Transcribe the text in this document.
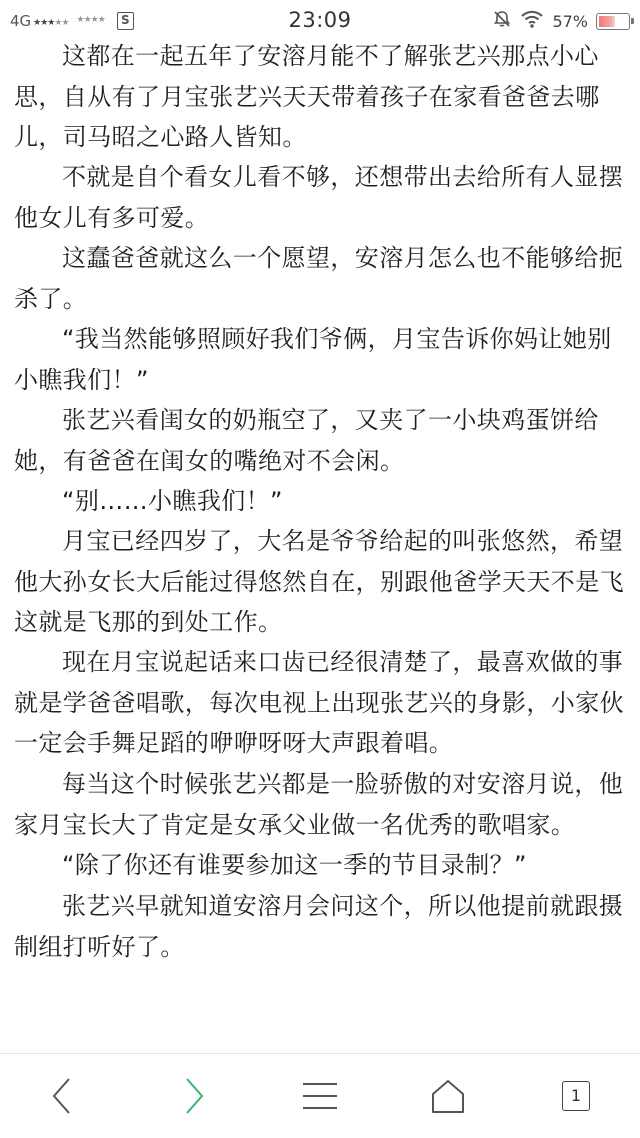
4G ★★★★★ ★★★★	S	23:09	57%

这都在一起五年了安溶月能不了解张艺兴那点小心思，自从有了月宝张艺兴天天带着孩子在家看爸爸去哪儿，司马昭之心路人皆知。

不就是自个看女儿看不够，还想带出去给所有人显摆他女儿有多可爱。

这蠢爸爸就这么一个愿望，安溶月怎么也不能够给扼杀了。

“我当然能够照顾好我们爷俩，月宝告诉你妈让她别小瞧我们！”

张艺兴看闺女的奶瓶空了，又夹了一小块鸡蛋饼给她，有爸爸在闺女的嘴绝对不会闲。

“别……小瞧我们！”

月宝已经四岁了，大名是爷爷给起的叫张悠然，希望他大孙女长大后能过得悠然自在，别跟他爸学天天不是飞这就是飞那的到处工作。

现在月宝说起话来口齿已经很清楚了，最喜欢做的事就是学爸爸唱歌，每次电视上出现张艺兴的身影，小家伙一定会手舞足蹈的咿咿呀呀大声跟着唱。

每当这个时候张艺兴都是一脸骄傲的对安溶月说，他家月宝长大了肯定是女承父业做一名优秀的歌唱家。

“除了你还有谁要参加这一季的节目录制？”

张艺兴早就知道安溶月会问这个，所以他提前就跟摄制组打听好了。

1
